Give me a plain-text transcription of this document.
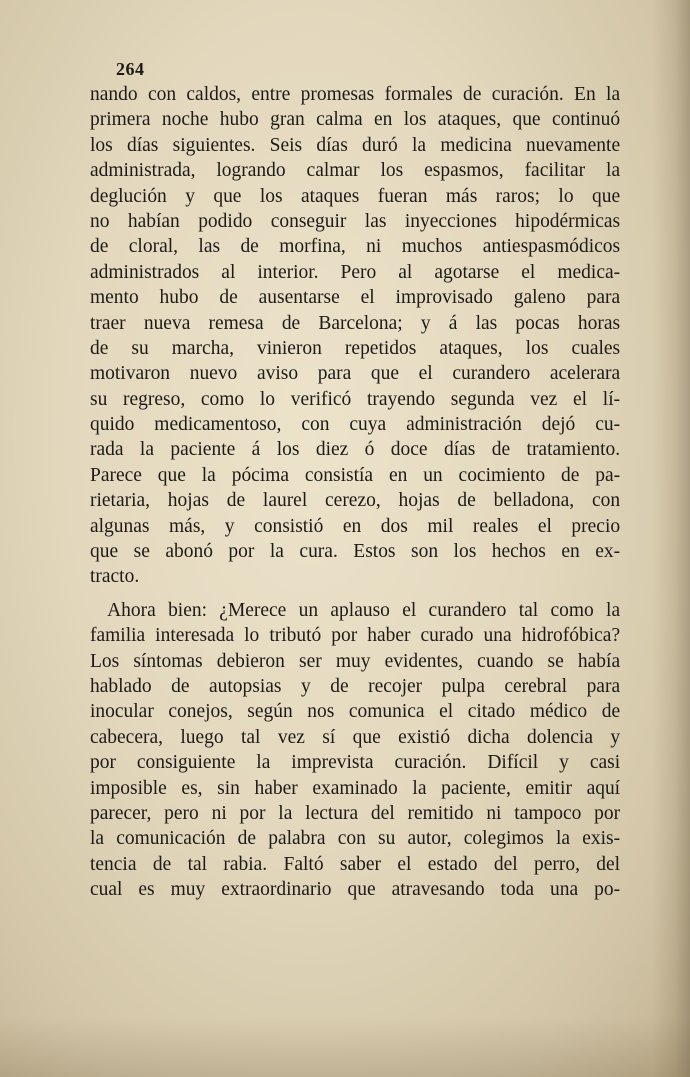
264
nando con caldos, entre promesas formales de curación. En la
primera noche hubo gran calma en los ataques, que continuó
los días siguientes. Seis días duró la medicina nuevamente
administrada, logrando calmar los espasmos, facilitar la
deglución y que los ataques fueran más raros; lo que
no habían podido conseguir las inyecciones hipodérmicas
de cloral, las de morfina, ni muchos antiespasmódicos
administrados al interior. Pero al agotarse el medica-
mento hubo de ausentarse el improvisado galeno para
traer nueva remesa de Barcelona; y á las pocas horas
de su marcha, vinieron repetidos ataques, los cuales
motivaron nuevo aviso para que el curandero acelerara
su regreso, como lo verificó trayendo segunda vez el lí-
quido medicamentoso, con cuya administración dejó cu-
rada la paciente á los diez ó doce días de tratamiento.
Parece que la pócima consistía en un cocimiento de pa-
rietaria, hojas de laurel cerezo, hojas de belladona, con
algunas más, y consistió en dos mil reales el precio
que se abonó por la cura. Estos son los hechos en ex-
tracto.
Ahora bien: ¿Merece un aplauso el curandero tal como la
familia interesada lo tributó por haber curado una hidrofóbica?
Los síntomas debieron ser muy evidentes, cuando se había
hablado de autopsias y de recojer pulpa cerebral para
inocular conejos, según nos comunica el citado médico de
cabecera, luego tal vez sí que existió dicha dolencia y
por consiguiente la imprevista curación. Difícil y casi
imposible es, sin haber examinado la paciente, emitir aquí
parecer, pero ni por la lectura del remitido ni tampoco por
la comunicación de palabra con su autor, colegimos la exis-
tencia de tal rabia. Faltó saber el estado del perro, del
cual es muy extraordinario que atravesando toda una po-
